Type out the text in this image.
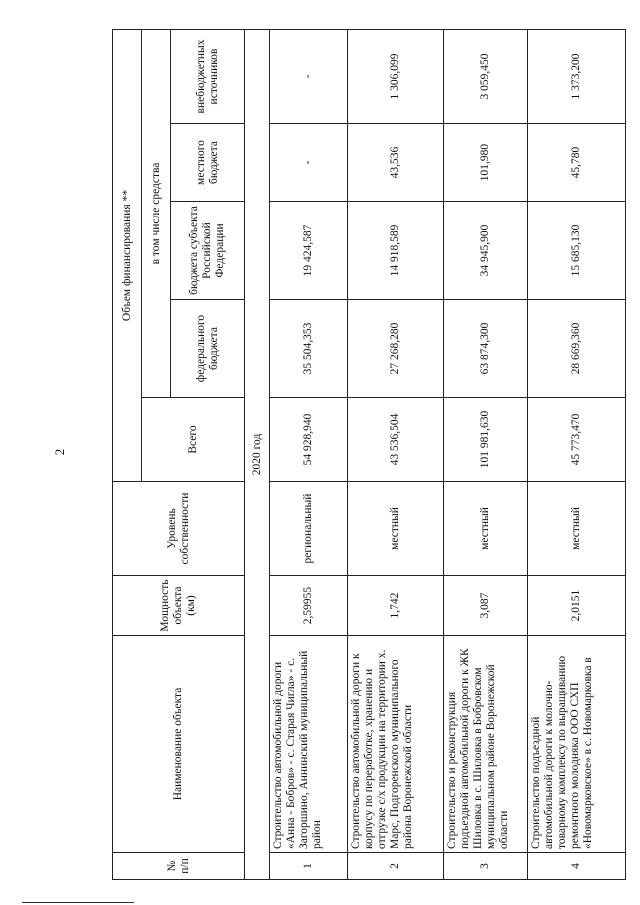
2
№ п/п	Наименование объекта	Мощность объекта (км)	Уровень собственности	Объем финансирования **				
				Всего	в том числе средства			
					федерального бюджета	бюджета субъекта Российской Федерации	местного бюджета	внебюджетных источников
2020 год								
1	Строительство автомобильной дороги «Анна - Бобров» - с. Старая Чигла» - с. Загоршино, Аннинский муниципальный район	2,59955	региональный	54 928,940	35 504,353	19 424,587	-	-
2	Строительство автомобильной дороги к корпусу по переработке, хранению и отгрузке с/х продукции на территории х. Марс, Подгоренского муниципального района Воронежской области	1,742	местный	43 536,504	27 268,280	14 918,589	43,536	1 306,099
3	Строительство и реконструкция подъездной автомобильной дороги к ЖК Шиловка в с. Шиловка в Бобровском муниципальном районе Воронежской области	3,087	местный	101 981,630	63 874,300	34 945,900	101,980	3 059,450
4	Строительство подъездной автомобильной дороги к молочно-товарному комплексу по выращиванию ремонтного молодняка ООО СХП «Новомарковское» в с. Новомарковка в	2,0151	местный	45 773,470	28 669,360	15 685,130	45,780	1 373,200
